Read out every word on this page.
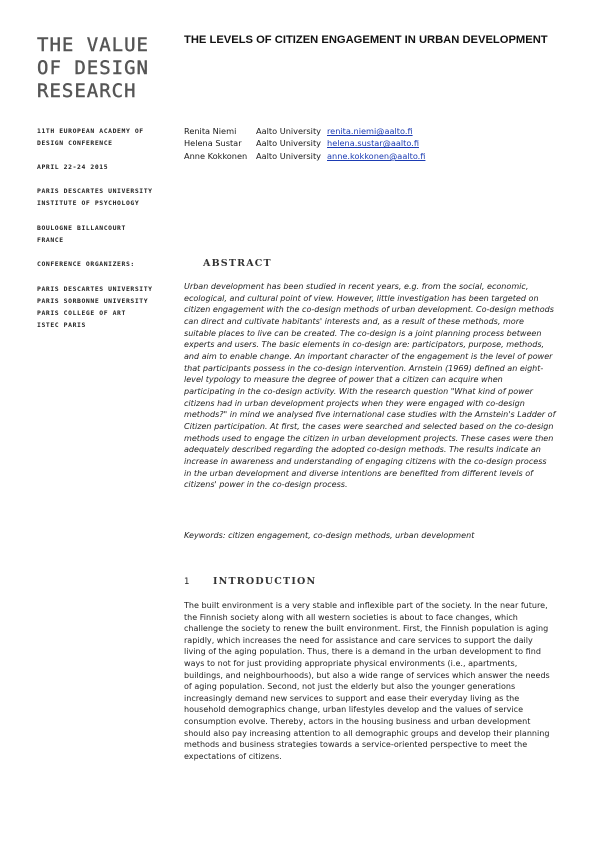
THE VALUE
OF DESIGN
RESEARCH
11TH EUROPEAN ACADEMY OF
DESIGN CONFERENCE
APRIL 22-24 2015
PARIS DESCARTES UNIVERSITY
INSTITUTE OF PSYCHOLOGY
BOULOGNE BILLANCOURT
FRANCE
CONFERENCE ORGANIZERS:
PARIS DESCARTES UNIVERSITY
PARIS SORBONNE UNIVERSITY
PARIS COLLEGE OF ART
ISTEC PARIS
THE LEVELS OF CITIZEN ENGAGEMENT IN URBAN DEVELOPMENT
Renita Niemi	Aalto University renita.niemi@aalto.fi
Helena Sustar	Aalto University helena.sustar@aalto.fi
Anne Kokkonen	Aalto University anne.kokkonen@aalto.fi
ABSTRACT

Urban development has been studied in recent years, e.g. from the social, economic, ecological, and cultural point of view. However, little investigation has been targeted on citizen engagement with the co-design methods of urban development. Co-design methods can direct and cultivate habitants' interests and, as a result of these methods, more suitable places to live can be created. The co-design is a joint planning process between experts and users. The basic elements in co-design are: participators, purpose, methods, and aim to enable change. An important character of the engagement is the level of power that participants possess in the co-design intervention. Arnstein (1969) defined an eight-level typology to measure the degree of power that a citizen can acquire when participating in the co-design activity. With the research question "What kind of power citizens had in urban development projects when they were engaged with co-design methods?" in mind we analysed five international case studies with the Arnstein's Ladder of Citizen participation. At first, the cases were searched and selected based on the co-design methods used to engage the citizen in urban development projects. These cases were then adequately described regarding the adopted co-design methods. The results indicate an increase in awareness and understanding of engaging citizens with the co-design process in the urban development and diverse intentions are benefited from different levels of citizens' power in the co-design process.

Keywords: citizen engagement, co-design methods, urban development

1 INTRODUCTION

The built environment is a very stable and inflexible part of the society. In the near future, the Finnish society along with all western societies is about to face changes, which challenge the society to renew the built environment. First, the Finnish population is aging rapidly, which increases the need for assistance and care services to support the daily living of the aging population. Thus, there is a demand in the urban development to find ways to not for just providing appropriate physical environments (i.e., apartments, buildings, and neighbourhoods), but also a wide range of services which answer the needs of aging population. Second, not just the elderly but also the younger generations increasingly demand new services to support and ease their everyday living as the household demographics change, urban lifestyles develop and the values of service consumption evolve. Thereby, actors in the housing business and urban development should also pay increasing attention to all demographic groups and develop their planning methods and business strategies towards a service-oriented perspective to meet the expectations of citizens.
